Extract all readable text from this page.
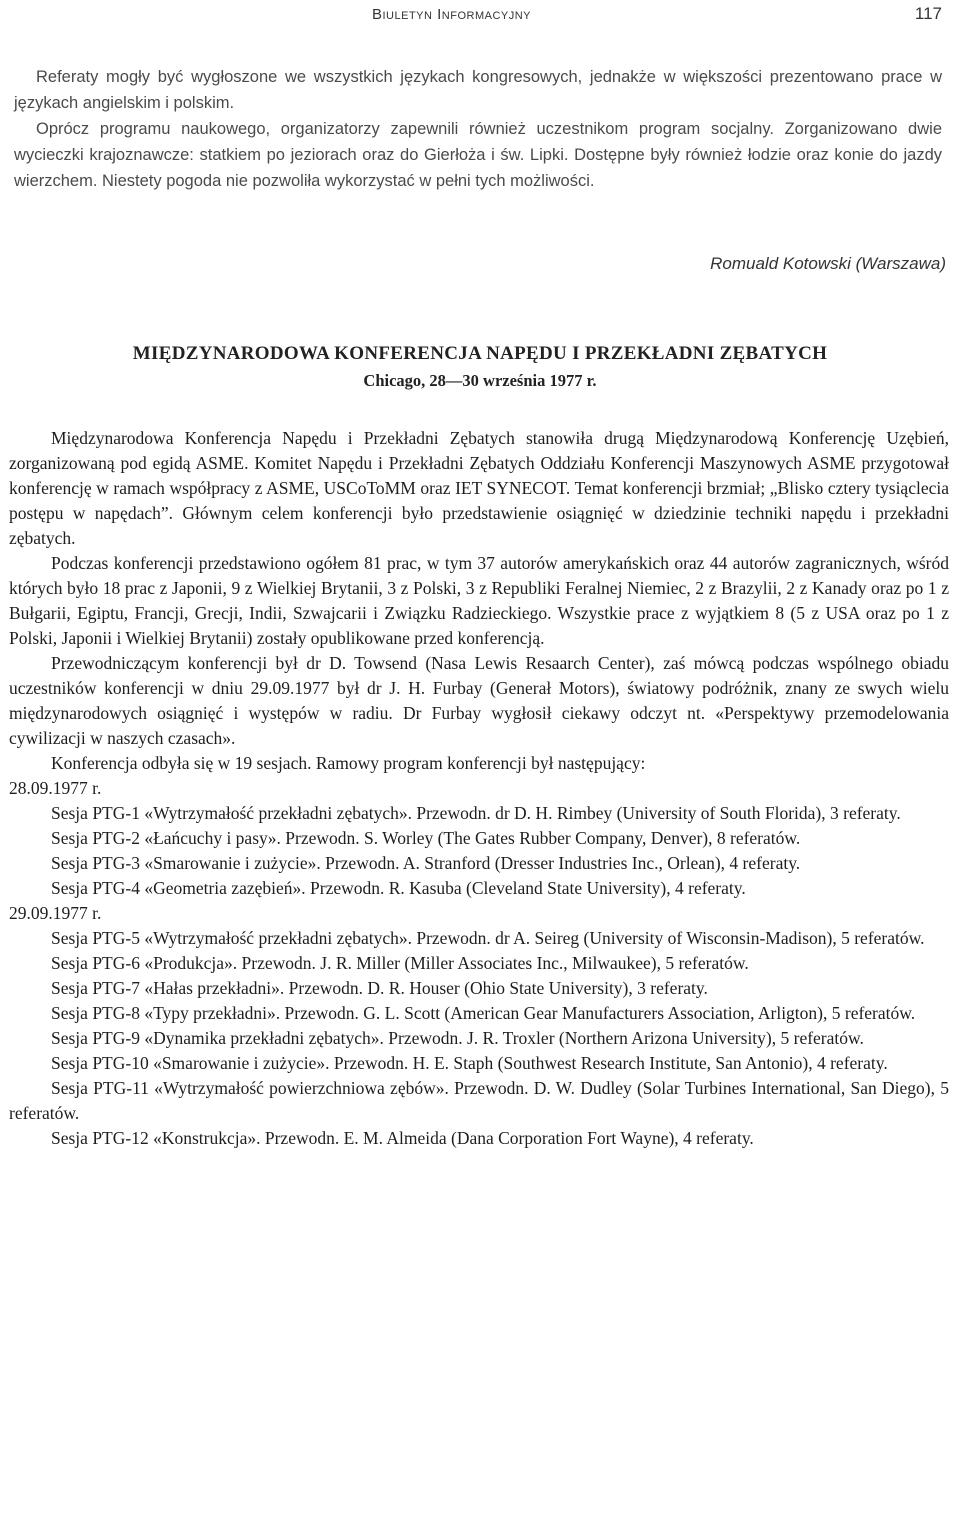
Biuletyn Informacyjny	117

Referaty mogły być wygłoszone we wszystkich językach kongresowych, jednakże w większości prezentowano prace w językach angielskim i polskim.

Oprócz programu naukowego, organizatorzy zapewnili również uczestnikom program socjalny. Zorganizowano dwie wycieczki krajoznawcze: statkiem po jeziorach oraz do Gierłoża i św. Lipki. Dostępne były również łodzie oraz konie do jazdy wierzchem. Niestety pogoda nie pozwoliła wykorzystać w pełni tych możliwości.

Romuald Kotowski (Warszawa)
MIĘDZYNARODOWA KONFERENCJA NAPĘDU I PRZEKŁADNI ZĘBATYCH
Chicago, 28—30 września 1977 r.

Międzynarodowa Konferencja Napędu i Przekładni Zębatych stanowiła drugą Międzynarodową Konferencję Uzębień, zorganizowaną pod egidą ASME. Komitet Napędu i Przekładni Zębatych Oddziału Konferencji Maszynowych ASME przygotował konferencję w ramach współpracy z ASME, USCoToMM oraz IET SYNECOT. Temat konferencji brzmiał; „Blisko cztery tysiąclecia postępu w napędach”. Głównym celem konferencji było przedstawienie osiągnięć w dziedzinie techniki napędu i przekładni zębatych.

Podczas konferencji przedstawiono ogółem 81 prac, w tym 37 autorów amerykańskich oraz 44 autorów zagranicznych, wśród których było 18 prac z Japonii, 9 z Wielkiej Brytanii, 3 z Polski, 3 z Republiki Feralnej Niemiec, 2 z Brazylii, 2 z Kanady oraz po 1 z Bułgarii, Egiptu, Francji, Grecji, Indii, Szwajcarii i Związku Radzieckiego. Wszystkie prace z wyjątkiem 8 (5 z USA oraz po 1 z Polski, Japonii i Wielkiej Brytanii) zostały opublikowane przed konferencją.

Przewodniczącym konferencji był dr D. Towsend (Nasa Lewis Resaarch Center), zaś mówcą podczas wspólnego obiadu uczestników konferencji w dniu 29.09.1977 był dr J. H. Furbay (Generał Motors), światowy podróżnik, znany ze swych wielu międzynarodowych osiągnięć i występów w radiu. Dr Furbay wygłosił ciekawy odczyt nt. «Perspektywy przemodelowania cywilizacji w naszych czasach».

Konferencja odbyła się w 19 sesjach. Ramowy program konferencji był następujący:

28.09.1977 r.

Sesja PTG-1 «Wytrzymałość przekładni zębatych». Przewodn. dr D. H. Rimbey (University of South Florida), 3 referaty.

Sesja PTG-2 «Łańcuchy i pasy». Przewodn. S. Worley (The Gates Rubber Company, Denver), 8 referatów.

Sesja PTG-3 «Smarowanie i zużycie». Przewodn. A. Stranford (Dresser Industries Inc., Orlean), 4 referaty.

Sesja PTG-4 «Geometria zazębień». Przewodn. R. Kasuba (Cleveland State University), 4 referaty.

29.09.1977 r.

Sesja PTG-5 «Wytrzymałość przekładni zębatych». Przewodn. dr A. Seireg (University of Wisconsin-Madison), 5 referatów.

Sesja PTG-6 «Produkcja». Przewodn. J. R. Miller (Miller Associates Inc., Milwaukee), 5 referatów.

Sesja PTG-7 «Hałas przekładni». Przewodn. D. R. Houser (Ohio State University), 3 referaty.

Sesja PTG-8 «Typy przekładni». Przewodn. G. L. Scott (American Gear Manufacturers Association, Arligton), 5 referatów.

Sesja PTG-9 «Dynamika przekładni zębatych». Przewodn. J. R. Troxler (Northern Arizona University), 5 referatów.

Sesja PTG-10 «Smarowanie i zużycie». Przewodn. H. E. Staph (Southwest Research Institute, San Antonio), 4 referaty.

Sesja PTG-11 «Wytrzymałość powierzchniowa zębów». Przewodn. D. W. Dudley (Solar Turbines International, San Diego), 5 referatów.

Sesja PTG-12 «Konstrukcja». Przewodn. E. M. Almeida (Dana Corporation Fort Wayne), 4 referaty.
